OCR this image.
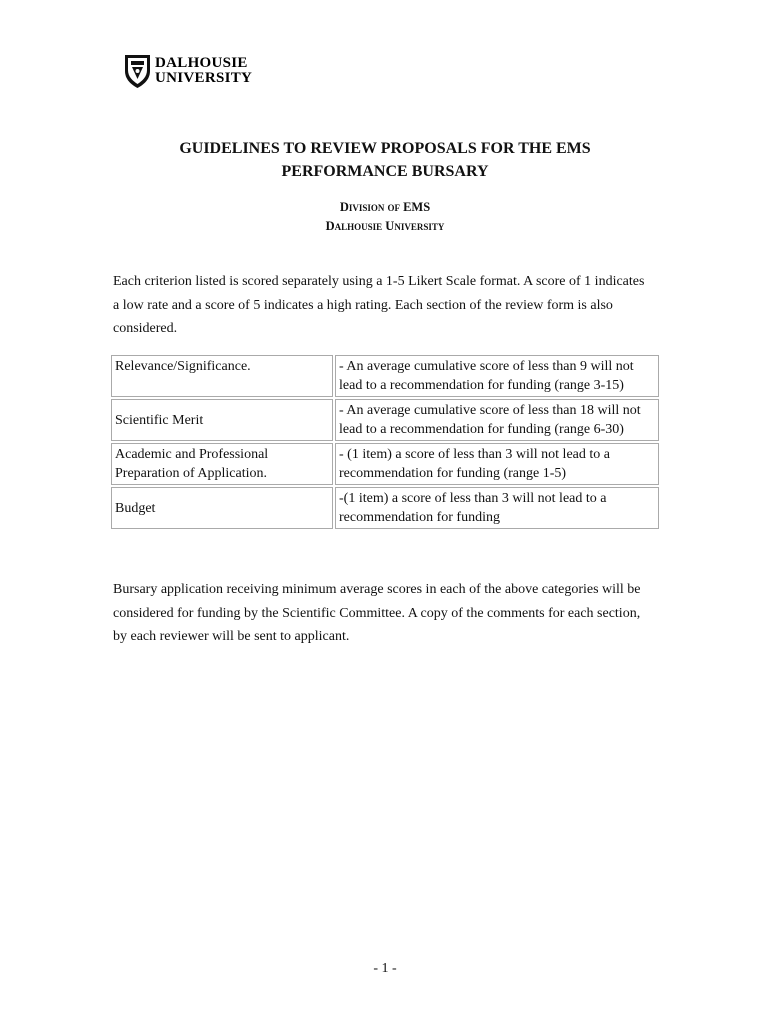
DALHOUSIE
UNIVERSITY
GUIDELINES TO REVIEW PROPOSALS FOR THE EMS
PERFORMANCE BURSARY
Division of EMS
Dalhousie University
Each criterion listed is scored separately using a 1-5 Likert Scale format. A score of 1 indicates a low rate and a score of 5 indicates a high rating. Each section of the review form is also considered.
Relevance/Significance.	- An average cumulative score of less than 9 will not lead to a recommendation for funding (range 3-15)
Scientific Merit	- An average cumulative score of less than 18 will not lead to a recommendation for funding (range 6-30)
Academic and Professional Preparation of Application.	- (1 item) a score of less than 3 will not lead to a recommendation for funding (range 1-5)
Budget	-(1 item) a score of less than 3 will not lead to a recommendation for funding
Bursary application receiving minimum average scores in each of the above categories will be considered for funding by the Scientific Committee. A copy of the comments for each section, by each reviewer will be sent to applicant.
- 1 -
